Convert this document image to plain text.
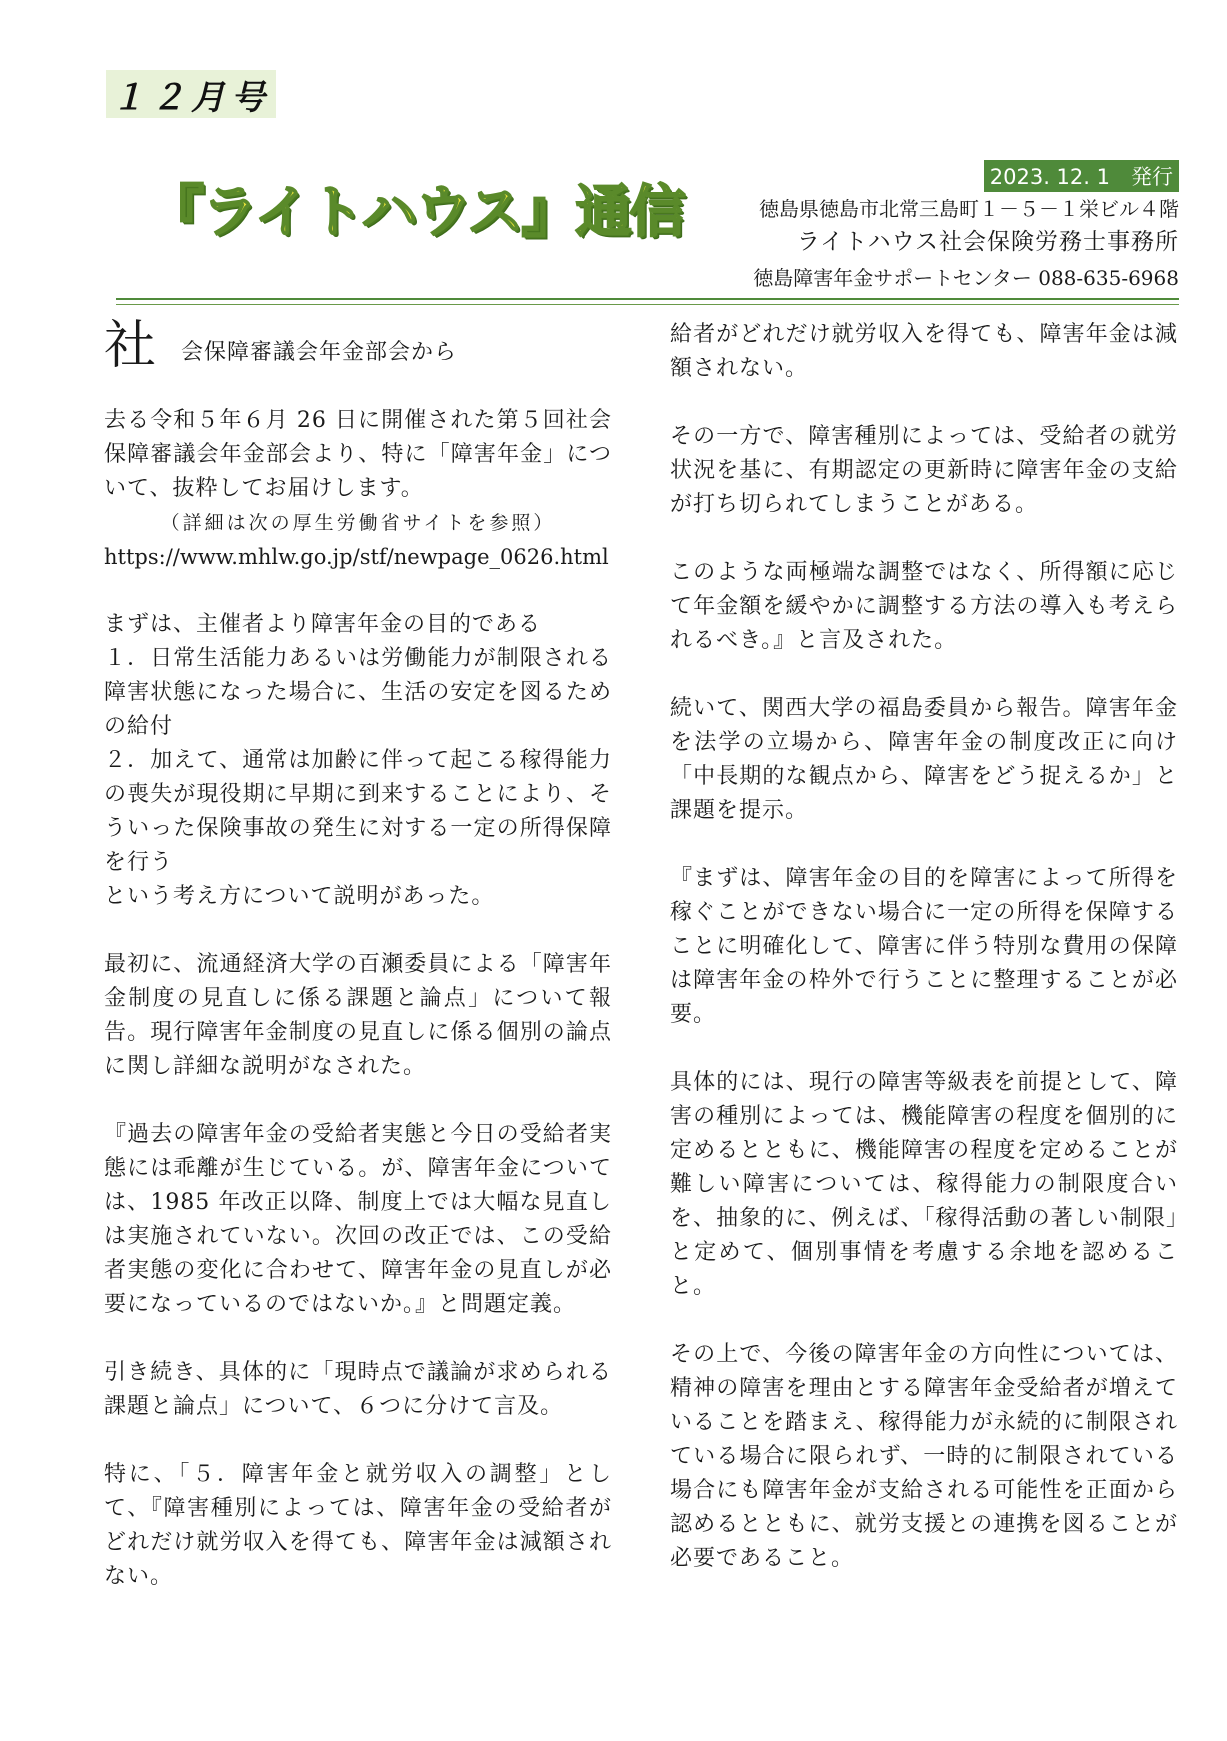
１２月号
『ライトハウス』通信
2023. 12. 1　発行
徳島県徳島市北常三島町１－５－１栄ビル４階
ライトハウス社会保険労務士事務所
徳島障害年金サポートセンター 088-635-6968
社 会保障審議会年金部会から

去る令和５年６月 26 日に開催された第５回社会保障審議会年金部会より、特に「障害年金」について、抜粋してお届けします。
（詳細は次の厚生労働省サイトを参照）
https://www.mhlw.go.jp/stf/newpage_0626.html

まずは、主催者より障害年金の目的である
１．日常生活能力あるいは労働能力が制限される障害状態になった場合に、生活の安定を図るための給付
２．加えて、通常は加齢に伴って起こる稼得能力の喪失が現役期に早期に到来することにより、そういった保険事故の発生に対する一定の所得保障を行う
という考え方について説明があった。

最初に、流通経済大学の百瀬委員による「障害年金制度の見直しに係る課題と論点」について報告。現行障害年金制度の見直しに係る個別の論点に関し詳細な説明がなされた。

『過去の障害年金の受給者実態と今日の受給者実態には乖離が生じている。が、障害年金については、1985 年改正以降、制度上では大幅な見直しは実施されていない。次回の改正では、この受給者実態の変化に合わせて、障害年金の見直しが必要になっているのではないか。』と問題定義。

引き続き、具体的に「現時点で議論が求められる課題と論点」について、６つに分けて言及。

特に、「５．障害年金と就労収入の調整」として、『障害種別によっては、障害年金の受給者がどれだけ就労収入を得ても、障害年金は減額されない。

給者がどれだけ就労収入を得ても、障害年金は減額されない。

その一方で、障害種別によっては、受給者の就労状況を基に、有期認定の更新時に障害年金の支給が打ち切られてしまうことがある。

このような両極端な調整ではなく、所得額に応じて年金額を緩やかに調整する方法の導入も考えられるべき。』と言及された。

続いて、関西大学の福島委員から報告。障害年金を法学の立場から、障害年金の制度改正に向け「中長期的な観点から、障害をどう捉えるか」と課題を提示。

『まずは、障害年金の目的を障害によって所得を稼ぐことができない場合に一定の所得を保障することに明確化して、障害に伴う特別な費用の保障は障害年金の枠外で行うことに整理することが必要。

具体的には、現行の障害等級表を前提として、障害の種別によっては、機能障害の程度を個別的に定めるとともに、機能障害の程度を定めることが難しい障害については、稼得能力の制限度合いを、抽象的に、例えば、「稼得活動の著しい制限」と定めて、個別事情を考慮する余地を認めること。

その上で、今後の障害年金の方向性については、精神の障害を理由とする障害年金受給者が増えていることを踏まえ、稼得能力が永続的に制限されている場合に限られず、一時的に制限されている場合にも障害年金が支給される可能性を正面から認めるとともに、就労支援との連携を図ることが必要であること。
